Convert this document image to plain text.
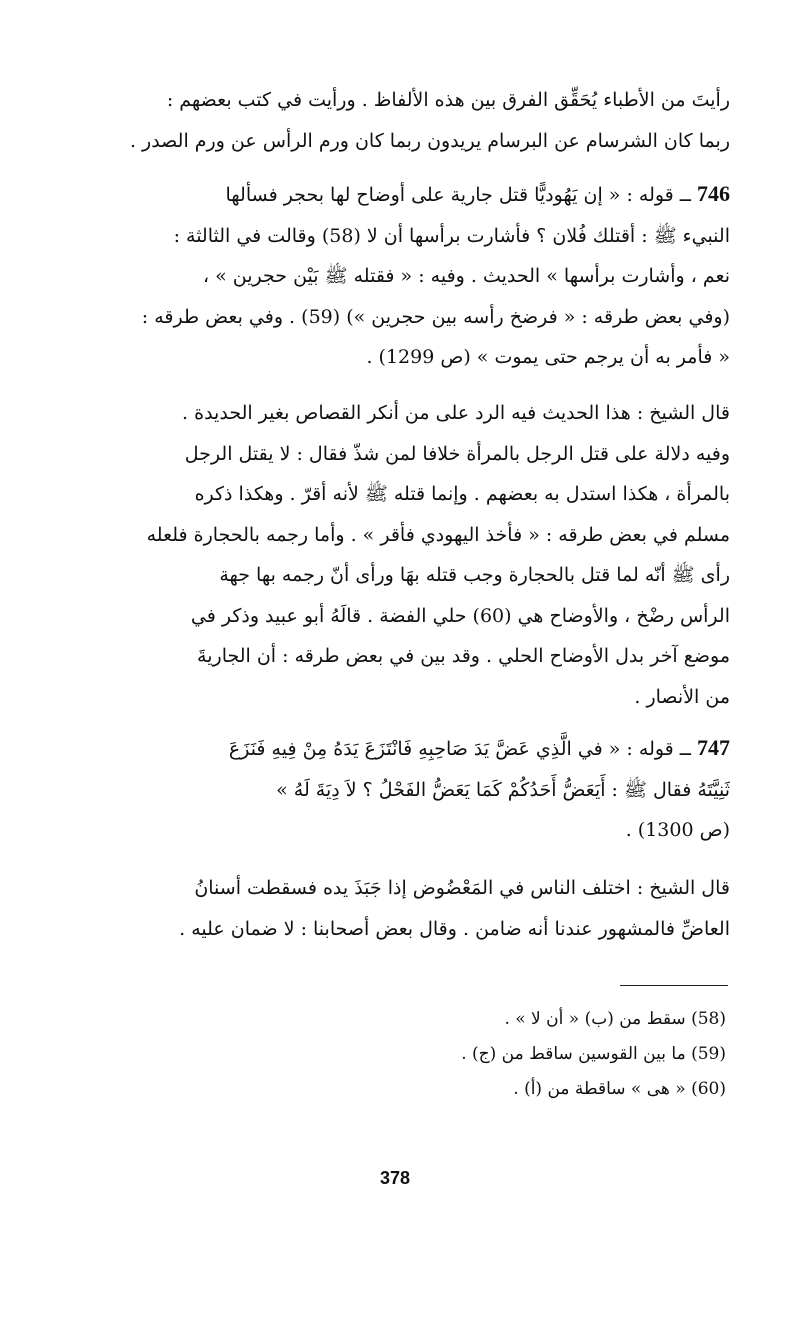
رأيتَ من الأطباء يُحَقِّق الفرق بين هذه الألفاظ . ورأيت في كتب بعضهم :
ربما كان الشرسام عن البرسام يريدون ربما كان ورم الرأس عن ورم الصدر .
746 ــ قوله : « إن يَهُوديًّا قتل جارية على أوضاح لها بحجر فسألها
النبيء ﷺ : أقتلك فُلان ؟ فأشارت برأسها أن لا (58) وقالت في الثالثة :
نعم ، وأشارت برأسها » الحديث . وفيه : « فقتله ﷺ بَيْن حجرين » ،
(وفي بعض طرقه : « فرضخ رأسه بين حجرين ») (59) . وفي بعض طرقه :
« فأمر به أن يرجم حتى يموت » (ص 1299) .
قال الشيخ : هذا الحديث فيه الرد على من أنكر القصاص بغير الحديدة .
وفيه دلالة على قتل الرجل بالمرأة خلافا لمن شذّ فقال : لا يقتل الرجل
بالمرأة ، هكذا استدل به بعضهم . وإنما قتله ﷺ لأنه أقرّ . وهكذا ذكره
مسلم في بعض طرقه : « فأخذ اليهودي فأقر » . وأما رجمه بالحجارة فلعله
رأى ﷺ أنّه لما قتل بالحجارة وجب قتله بهَا ورأى أنّ رجمه بها جهة
الرأس رضْخ ، والأوضاح هي (60) حلي الفضة . قالَهُ أبو عبيد وذكر في
موضع آخر بدل الأوضاح الحلي . وقد بين في بعض طرقه : أن الجاريةَ
من الأنصار .
747 ــ قوله : « في الَّذِي عَضَّ يَدَ صَاحِبِهِ فَانْتَزَعَ يَدَهُ مِنْ فِيهِ فَنَزَعَ
ثَنِيَّتَهُ فقال ﷺ : أَيَعَضُّ أَحَدُكُمْ كَمَا يَعَضُّ الفَحْلُ ؟ لاَ دِيَةَ لَهُ »
(ص 1300) .
قال الشيخ : اختلف الناس في المَعْضُوض إذا جَبَذَ يده فسقطت أسنانُ
العاضِّ فالمشهور عندنا أنه ضامن . وقال بعض أصحابنا : لا ضمان عليه .
(58) سقط من (ب) « أن لا » .
(59) ما بين القوسين ساقط من (ج) .
(60) « هى » ساقطة من (أ) .
378
